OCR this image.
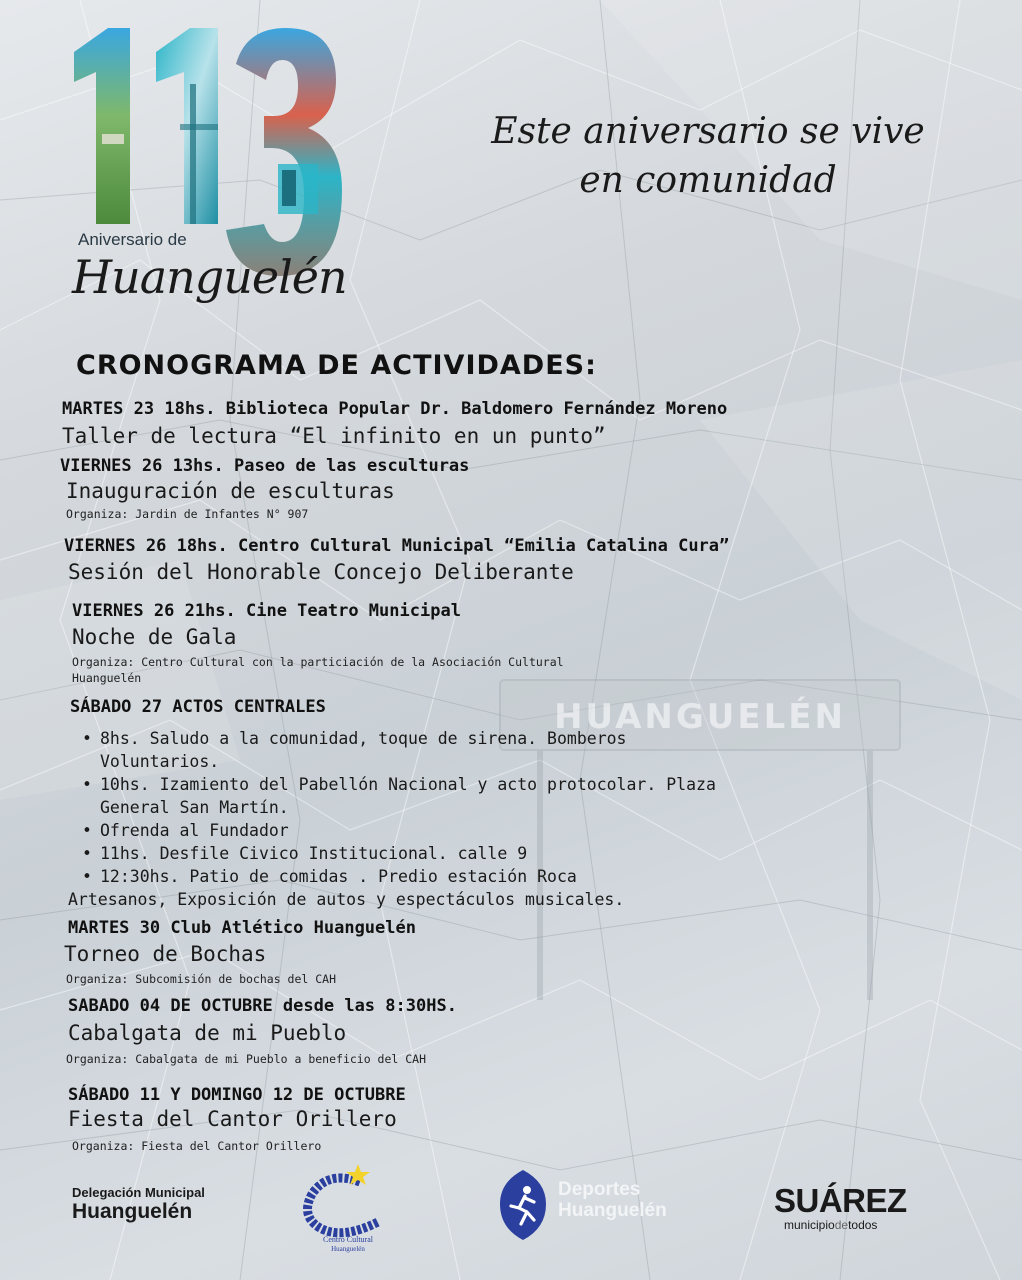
HUANGUELÉN
Aniversario de
Huanguelén
Este aniversario se vive
en comunidad
CRONOGRAMA DE ACTIVIDADES:
MARTES 23 18hs. Biblioteca Popular Dr. Baldomero Fernández Moreno
Taller de lectura “El infinito en un punto”
VIERNES 26 13hs. Paseo de las esculturas
Inauguración de esculturas
Organiza: Jardin de Infantes N° 907
VIERNES 26 18hs. Centro Cultural Municipal “Emilia Catalina Cura”
Sesión del Honorable Concejo Deliberante
VIERNES 26 21hs. Cine Teatro Municipal
Noche de Gala
Organiza: Centro Cultural con la particiación de la Asociación Cultural
Huanguelén
SÁBADO 27 ACTOS CENTRALES
• 8hs. Saludo a la comunidad, toque de sirena. Bomberos
Voluntarios.
• 10hs. Izamiento del Pabellón Nacional y acto protocolar. Plaza
General San Martín.
• Ofrenda al Fundador
• 11hs. Desfile Civico Institucional. calle 9
• 12:30hs. Patio de comidas . Predio estación Roca
Artesanos, Exposición de autos y espectáculos musicales.
MARTES 30 Club Atlético Huanguelén
Torneo de Bochas
Organiza: Subcomisión de bochas del CAH
SABADO 04 DE OCTUBRE desde las 8:30HS.
Cabalgata de mi Pueblo
Organiza: Cabalgata de mi Pueblo a beneficio del CAH
SÁBADO 11 Y DOMINGO 12 DE OCTUBRE
Fiesta del Cantor Orillero
Organiza: Fiesta del Cantor Orillero
Delegación Municipal
Huanguelén
Centro Cultural
Huanguelén
Deportes
Huanguelén	SUÁREZ
municipiodetodos
